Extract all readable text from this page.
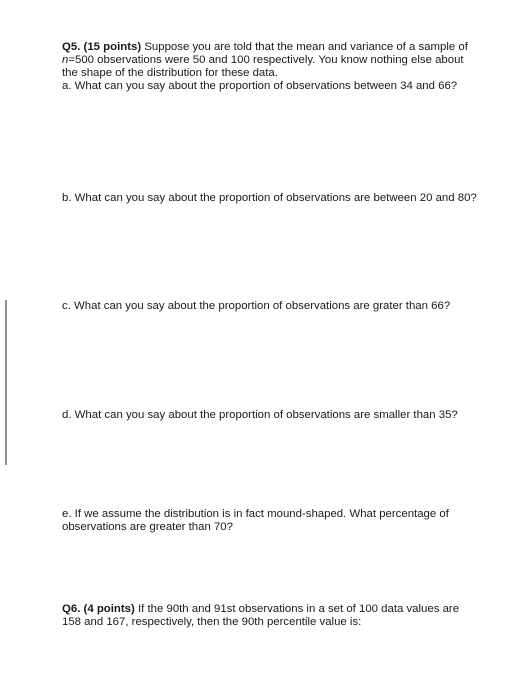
Q5. (15 points) Suppose you are told that the mean and variance of a sample of
n=500 observations were 50 and 100 respectively. You know nothing else about
the shape of the distribution for these data.
a. What can you say about the proportion of observations between 34 and 66?
b. What can you say about the proportion of observations are between 20 and 80?
c. What can you say about the proportion of observations are grater than 66?
d. What can you say about the proportion of observations are smaller than 35?
e. If we assume the distribution is in fact mound-shaped. What percentage of
observations are greater than 70?
Q6. (4 points) If the 90th and 91st observations in a set of 100 data values are
158 and 167, respectively, then the 90th percentile value is:
